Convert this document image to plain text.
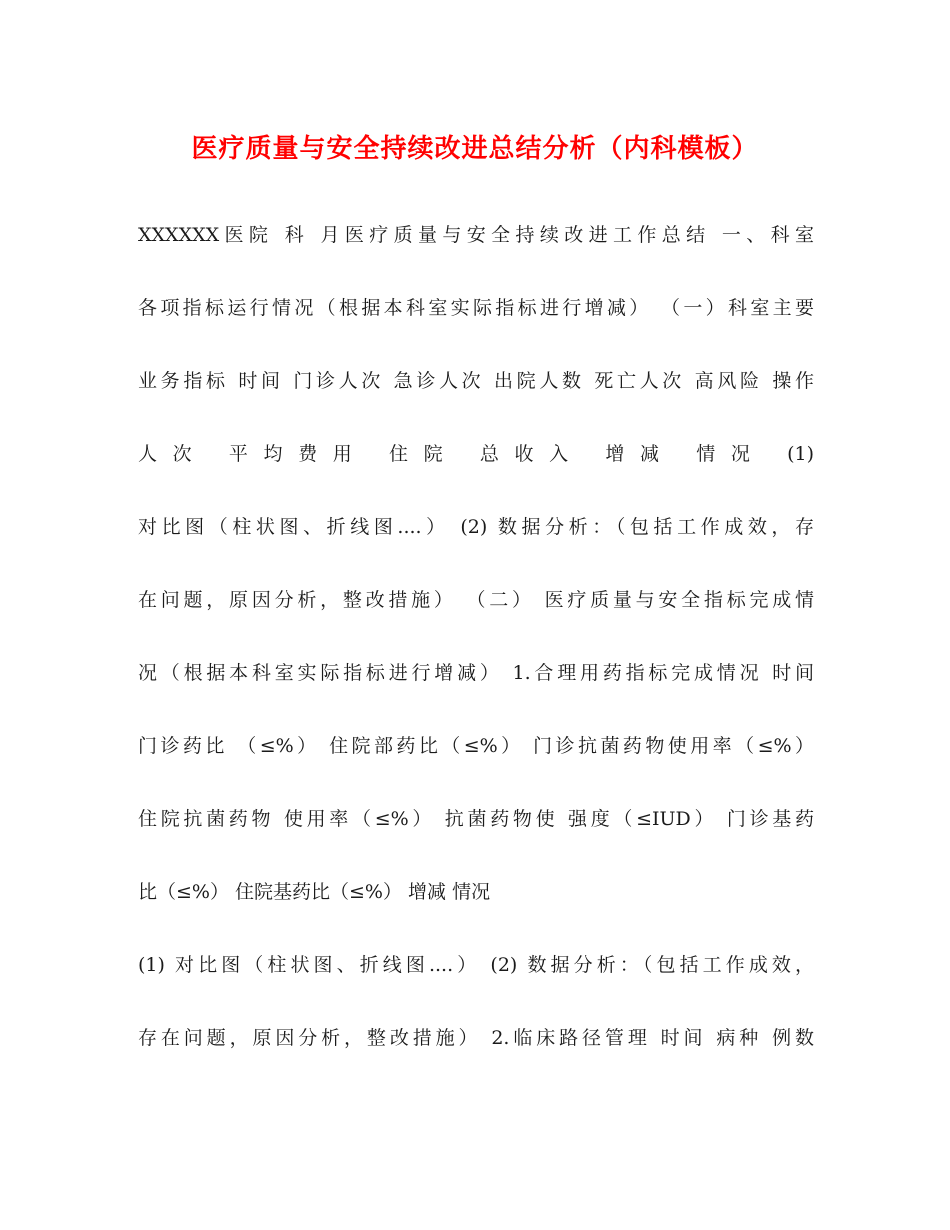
医疗质量与安全持续改进总结分析（内科模板）
XXXXXX医院 科 月医疗质量与安全持续改进工作总结 一、科室
各项指标运行情况（根据本科室实际指标进行增减） （一）科室主要
业务指标 时间 门诊人次 急诊人次 出院人数 死亡人次 高风险 操作
人次 平均费用 住院 总收入 增减 情况 (1)
对比图（柱状图、折线图....） (2) 数据分析：（包括工作成效，存
在问题，原因分析，整改措施） （二） 医疗质量与安全指标完成情
况（根据本科室实际指标进行增减） 1.合理用药指标完成情况 时间
门诊药比 （≤%） 住院部药比（≤%） 门诊抗菌药物使用率（≤%）
住院抗菌药物 使用率（≤%） 抗菌药物使 强度（≤IUD） 门诊基药
比（≤%） 住院基药比（≤%） 增减 情况
(1) 对比图（柱状图、折线图....） (2) 数据分析：（包括工作成效，
存在问题，原因分析，整改措施） 2.临床路径管理 时间 病种 例数
